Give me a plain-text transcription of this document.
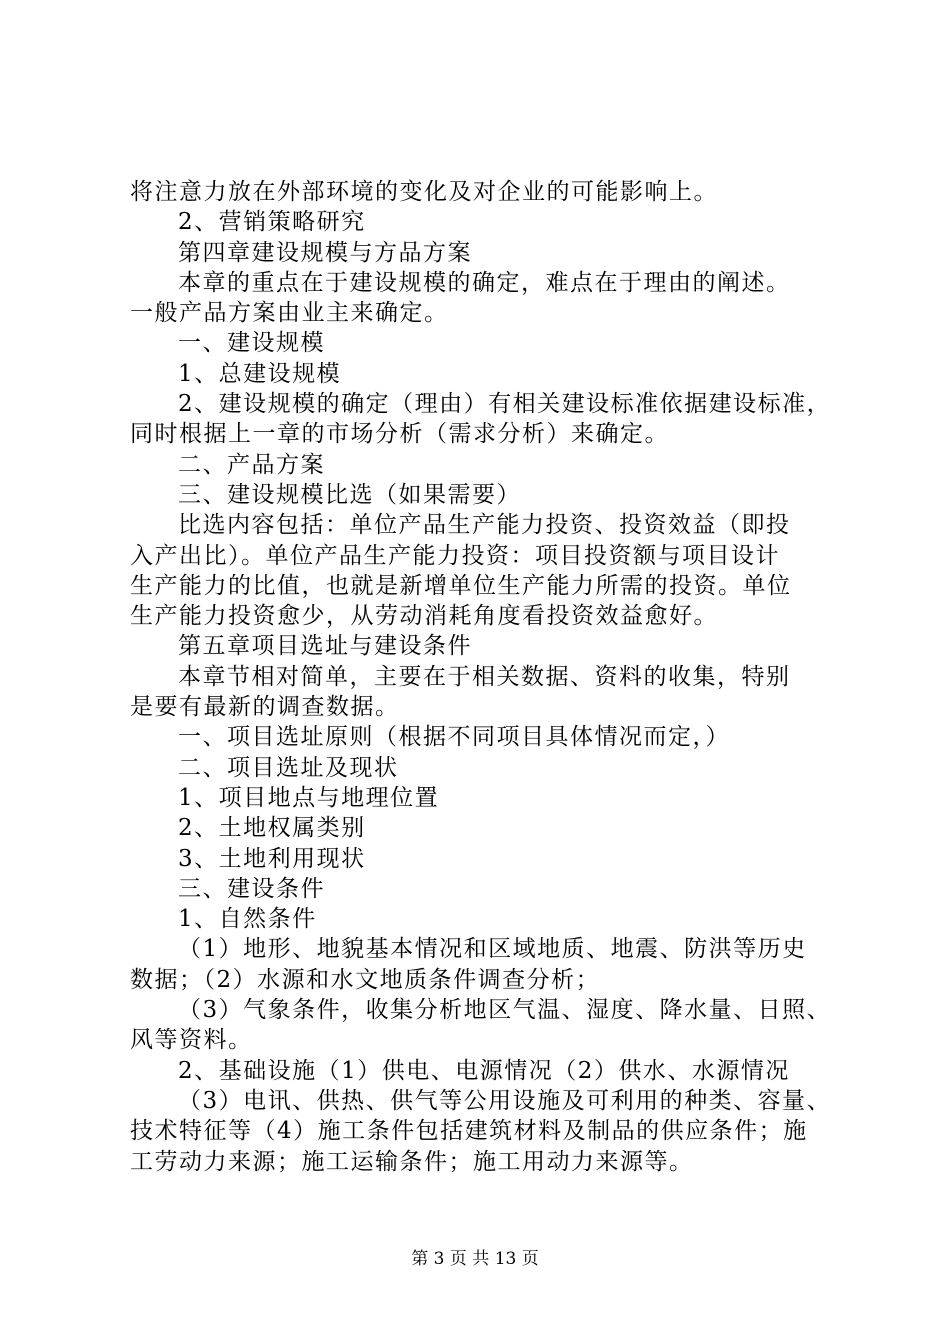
将注意力放在外部环境的变化及对企业的可能影响上。
2、营销策略研究
第四章建设规模与方品方案
本章的重点在于建设规模的确定，难点在于理由的阐述。
一般产品方案由业主来确定。
一、建设规模
1、总建设规模
2、建设规模的确定（理由）有相关建设标准依据建设标准，
同时根据上一章的市场分析（需求分析）来确定。
二、产品方案
三、建设规模比选（如果需要）
比选内容包括：单位产品生产能力投资、投资效益（即投
入产出比）。单位产品生产能力投资：项目投资额与项目设计
生产能力的比值，也就是新增单位生产能力所需的投资。单位
生产能力投资愈少，从劳动消耗角度看投资效益愈好。
第五章项目选址与建设条件
本章节相对简单，主要在于相关数据、资料的收集，特别
是要有最新的调查数据。
一、项目选址原则（根据不同项目具体情况而定，）
二、项目选址及现状
1、项目地点与地理位置
2、土地权属类别
3、土地利用现状
三、建设条件
1、自然条件
（1）地形、地貌基本情况和区域地质、地震、防洪等历史
数据；（2）水源和水文地质条件调查分析；
（3）气象条件，收集分析地区气温、湿度、降水量、日照、
风等资料。
2、基础设施（1）供电、电源情况（2）供水、水源情况
（3）电讯、供热、供气等公用设施及可利用的种类、容量、
技术特征等（4）施工条件包括建筑材料及制品的供应条件；施
工劳动力来源；施工运输条件；施工用动力来源等。
第 3 页 共 13 页
